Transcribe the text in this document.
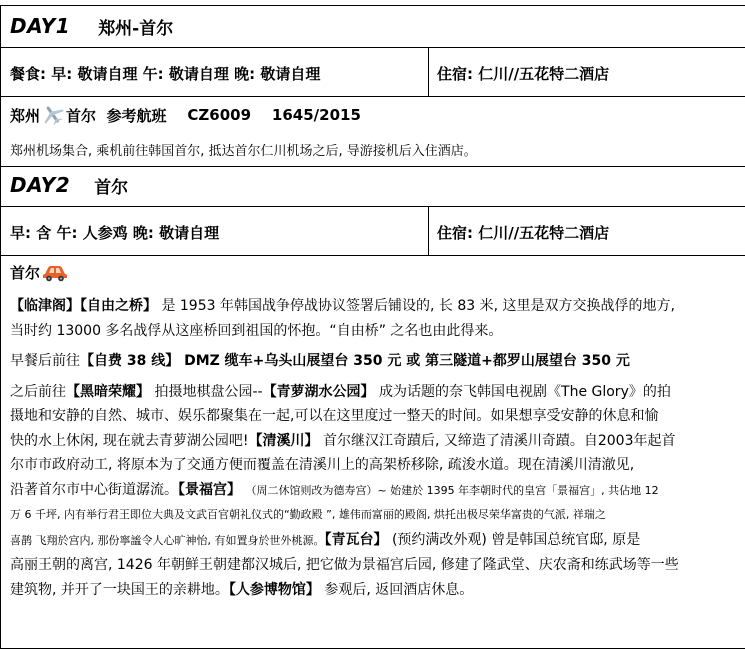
DAY1 郑州-首尔
餐食: 早: 敬请自理 午: 敬请自理 晚: 敬请自理	住宿: 仁川//五花特二酒店
郑州 首尔
参考航班
CZ6009
1645/2015
郑州机场集合, 乘机前往韩国首尔, 抵达首尔仁川机场之后, 导游接机后入住酒店。
DAY2 首尔
早: 含 午: 人参鸡 晚: 敬请自理	住宿: 仁川//五花特二酒店
首尔

【临津阁】【自由之桥】 是 1953 年韩国战争停战协议签署后铺设的, 长 83 米, 这里是双方交换战俘的地方,

当时约 13000 多名战俘从这座桥回到祖国的怀抱。“自由桥” 之名也由此得来。

早餐后前往【自费 38 线】 DMZ 缆车+乌头山展望台 350 元 或 第三隧道+都罗山展望台 350 元

之后前往【黑暗荣耀】 拍摄地棋盘公园--【青萝湖水公园】 成为话题的奈飞韩国电视剧《The Glory》的拍

摄地和安静的自然、城市、娱乐都聚集在一起,可以在这里度过一整天的时间。如果想享受安静的休息和愉

快的水上休闲, 现在就去青萝湖公园吧!【清溪川】 首尔继汉江奇蹟后, 又缔造了清溪川奇蹟。自2003年起首

尔市市政府动工, 将原本为了交通方便而覆盖在清溪川上的高架桥移除, 疏浚水道。现在清溪川清澈见,

沿著首尔市中心街道潺流。【景福宫】 （周二休馆则改为德寿宫）~ 始建於 1395 年李朝时代的皇宫「景福宫」, 共佔地 12

万 6 千坪, 内有举行君王即位大典及文武百官朝礼仪式的“勤政殿 ”, 雄伟而富丽的殿阁, 烘托出极尽荣华富贵的气派, 祥瑞之

喜鹊 飞翔於宫内, 那份寧謐令人心旷神怡, 有如置身於世外桃源。【青瓦台】 (预约满改外观) 曾是韩国总统官邸, 原是

高丽王朝的离宫, 1426 年朝鲜王朝建都汉城后, 把它做为景福宫后园, 修建了隆武堂、庆农斋和练武场等一些

建筑物, 并开了一块国王的亲耕地。【人参博物馆】 参观后, 返回酒店休息。
